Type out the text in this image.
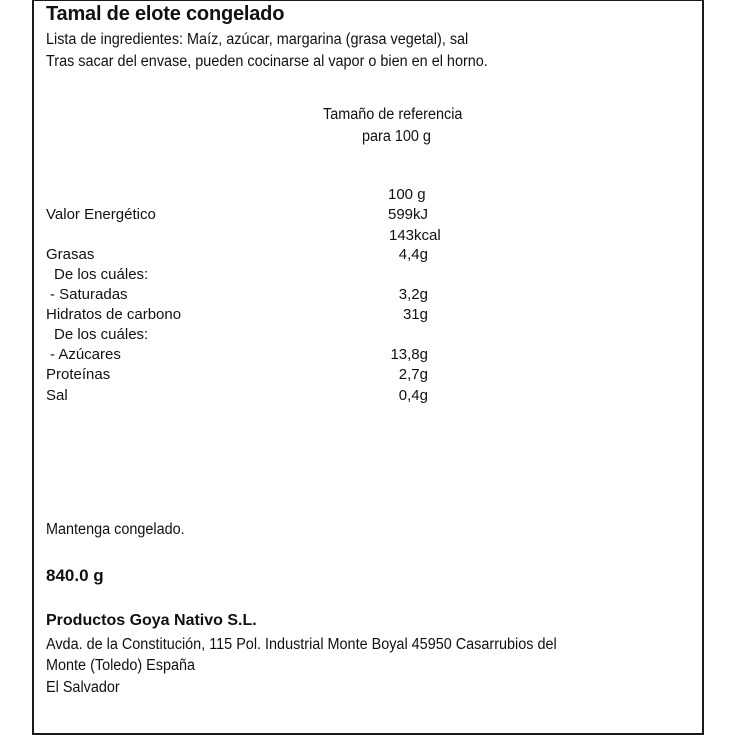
Tamal de elote congelado
Lista de ingredientes: Maíz, azúcar, margarina (grasa vegetal), sal
Tras sacar del envase, pueden cocinarse al vapor o bien en el horno.
Tamaño de referencia
para 100 g
100 g
Valor Energético	599kJ
143kcal
Grasas	4,4g
De los cuáles:
- Saturadas	3,2g
Hidratos de carbono	31g
De los cuáles:
- Azúcares	13,8g
Proteínas	2,7g
Sal	0,4g
Mantenga congelado.
840.0 g
Productos Goya Nativo S.L.
Avda. de la Constitución, 115 Pol. Industrial Monte Boyal 45950 Casarrubios del
Monte (Toledo) España
El Salvador
